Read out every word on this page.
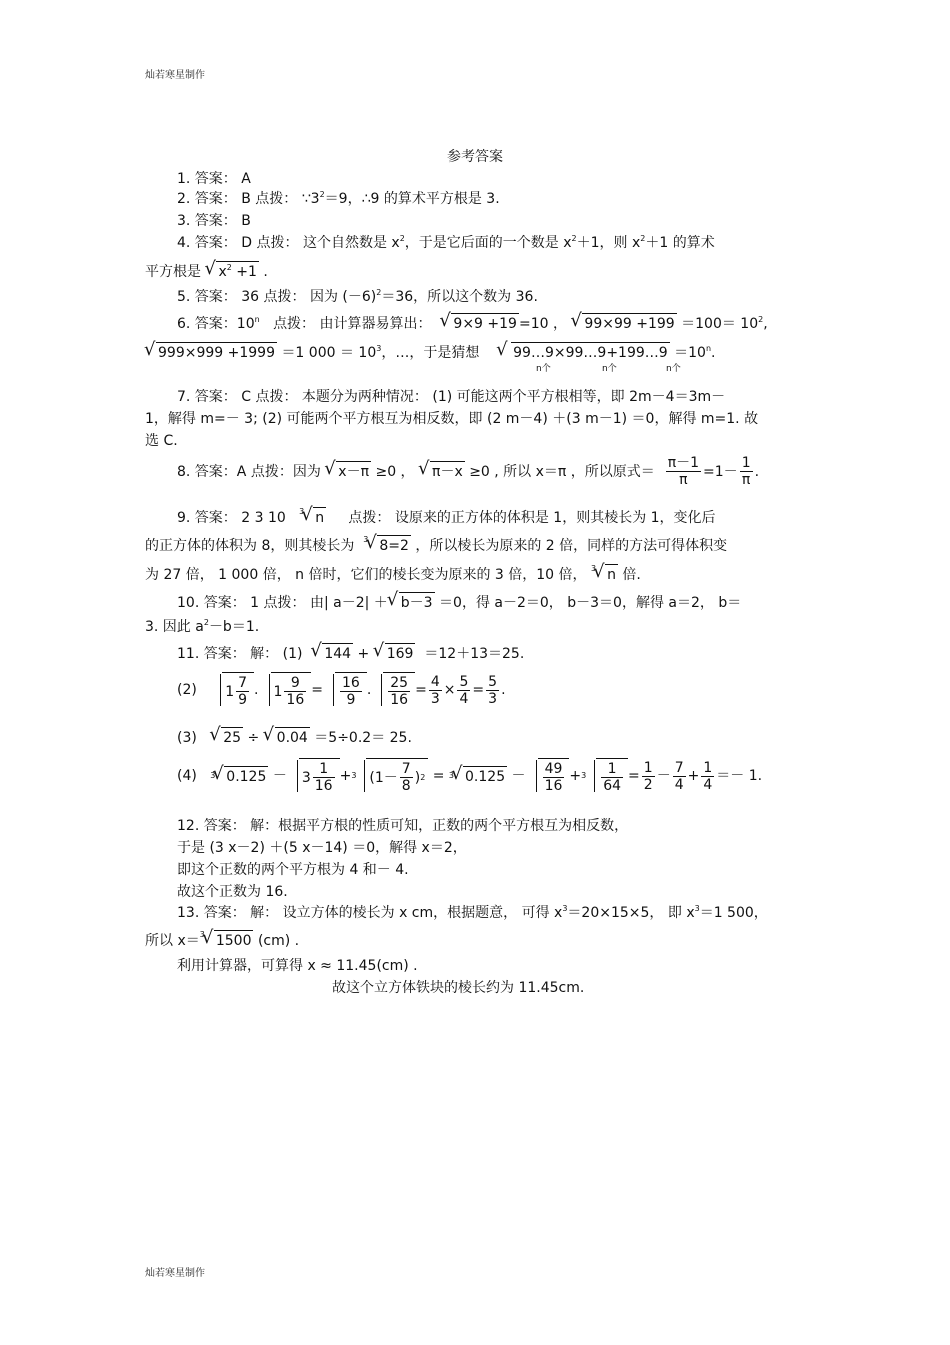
灿若寒星制作
参考答案
1. 答案： A
2. 答案： B 点拨： $\because 3^2=9$，∴9 的算术平方根是 3.
3. 答案： B
4. 答案： D 点拨： 这个自然数是 $x^2$，于是它后面的一个数是 $x^2+1$，则 $x^2+1$ 的算术
平方根是 √ $x^2 +1$ .
5. 答案： 36 点拨： 因为 $(-6)^2=36$，所以这个数为 36.
6. 答案：10$^n$ 点拨： 由计算器易算出： √ 9×9 +19 =10 ， √ $99\times 99 +199 =100= 10^2$,
√ 999×999 +1999 ＝1 $000 = 10^3$，…，于是猜想 √ 99…9×99…9+199…9 $=10^n$.
n个	n个	n个
7. 答案： C 点拨： 本题分为两种情况： (1) 可能这两个平方根相等，即 2m－4＝3m－
1，解得 m=－ 3; (2) 可能两个平方根互为相反数，即 (2 m－4) ＋(3 m－1) ＝0，解得 m=1. 故
选 C.
8. 答案：A 点拨：因为
	√ x－π
≥0 ，
	√ π－x
≥0 , 所以 x＝π ，所以原式＝
$\frac{\pi-1}{\pi} =1-$
1
π
.
9. 答案： 2 3 10 $^3$ √ n 点拨： 设原来的正方体的体积是 1，则其棱长为 1，变化后
的正方体的体积为 8，则其棱长为 $^3$ √ 8=2 ，所以棱长为原来的 2 倍，同样的方法可得体积变
为 27 倍， 1 000 倍， n 倍时，它们的棱长变为原来的 3 倍，10 倍， $^3$ √ n 倍.
10. 答案： 1 点拨： 由| a－2| ＋ √ b－3 ＝0，得 a－2＝0， b－3＝0，解得 a＝2， b＝
3. 因此 $a^2-b=1$.
11. 答案： 解： (1) √ 144 + √ 169 ＝12＋13＝25.
(2)
1
7
9
. 1
9
16
= 16
9
. 25
16
=
4
3
×
5
4
=
5
3
.
(3) √ 25 ÷ √ 0.04 ＝5÷0.2＝ 25.
(4)
3 √ 0.125 － 3
1
16
+ 3 (1－
7
8
) 2 = 3 √ 0.125 － 49
16
+ 3	1
64
=
1
2
－
7
4
+
1
4
＝－ 1.
12. 答案： 解：根据平方根的性质可知，正数的两个平方根互为相反数，
于是 (3 x－2) ＋(5 x－14) ＝0，解得 x＝2，
即这个正数的两个平方根为 4 和－ 4.
故这个正数为 16.
13. 答案： 解： 设立方体的棱长为 x cm，根据题意， 可得 $x^3=20\times 15\times 5$， 即 $x^3=1$ 500，
所以 x＝$^3$ √ 1500 (cm) .
利用计算器，可算得 x ≈ 11.45(cm) .
故这个立方体铁块的棱长约为 11.45cm.
灿若寒星制作
